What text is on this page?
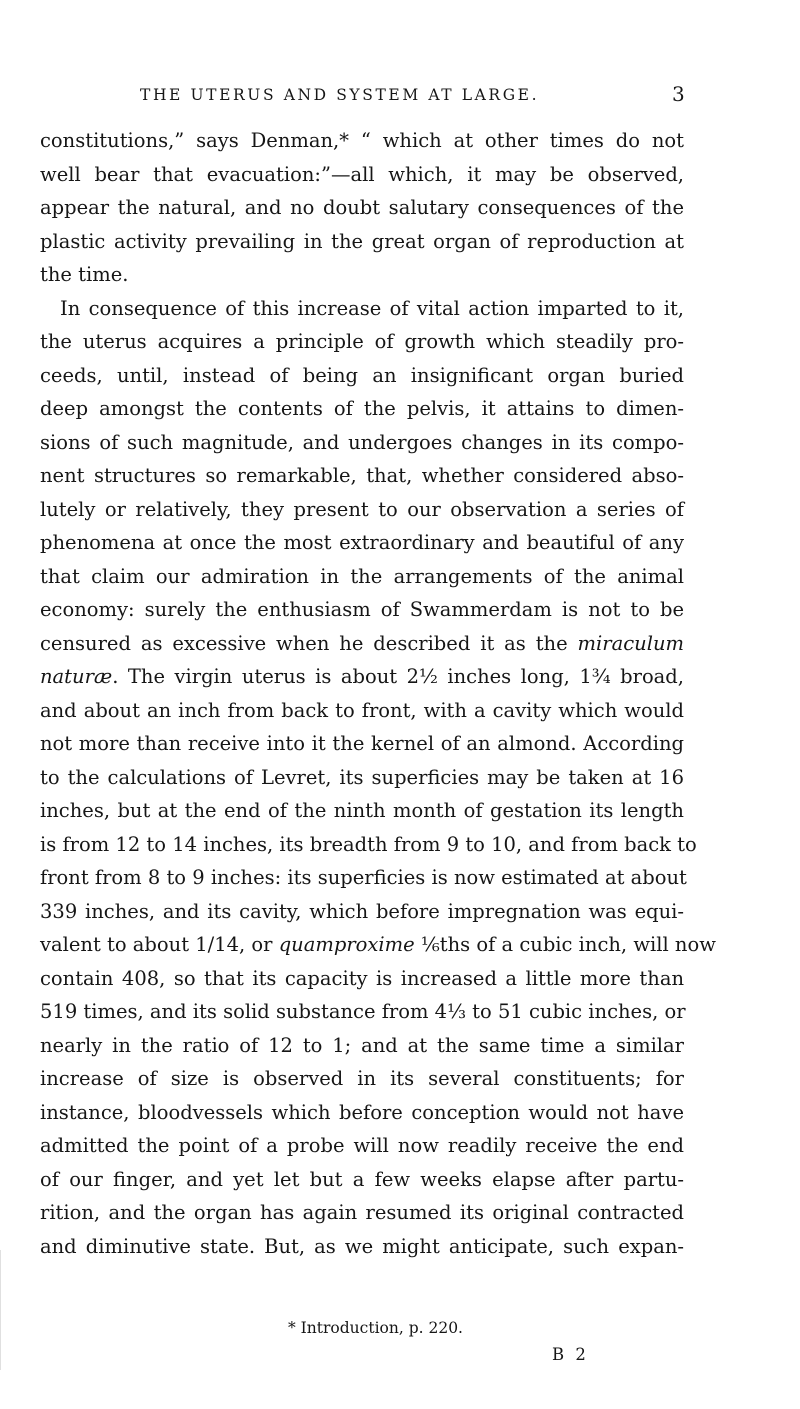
THE UTERUS AND SYSTEM AT LARGE.	3
constitutions,” says Denman,* “ which at other times do not
well bear that evacuation:”—all which, it may be observed,
appear the natural, and no doubt salutary consequences of the
plastic activity prevailing in the great organ of reproduction at
the time.
In consequence of this increase of vital action imparted to it,
the uterus acquires a principle of growth which steadily pro-
ceeds, until, instead of being an insignificant organ buried
deep amongst the contents of the pelvis, it attains to dimen-
sions of such magnitude, and undergoes changes in its compo-
nent structures so remarkable, that, whether considered abso-
lutely or relatively, they present to our observation a series of
phenomena at once the most extraordinary and beautiful of any
that claim our admiration in the arrangements of the animal
economy: surely the enthusiasm of Swammerdam is not to be
censured as excessive when he described it as the miraculum
naturæ. The virgin uterus is about 2½ inches long, 1¾ broad,
and about an inch from back to front, with a cavity which would
not more than receive into it the kernel of an almond. According
to the calculations of Levret, its superficies may be taken at 16
inches, but at the end of the ninth month of gestation its length
is from 12 to 14 inches, its breadth from 9 to 10, and from back to
front from 8 to 9 inches: its superficies is now estimated at about
339 inches, and its cavity, which before impregnation was equi-
valent to about 1/14, or quamproxime ⅙ths of a cubic inch, will now
contain 408, so that its capacity is increased a little more than
519 times, and its solid substance from 4⅓ to 51 cubic inches, or
nearly in the ratio of 12 to 1; and at the same time a similar
increase of size is observed in its several constituents; for
instance, bloodvessels which before conception would not have
admitted the point of a probe will now readily receive the end
of our finger, and yet let but a few weeks elapse after partu-
rition, and the organ has again resumed its original contracted
and diminutive state. But, as we might anticipate, such expan-
* Introduction, p. 220.
B 2
